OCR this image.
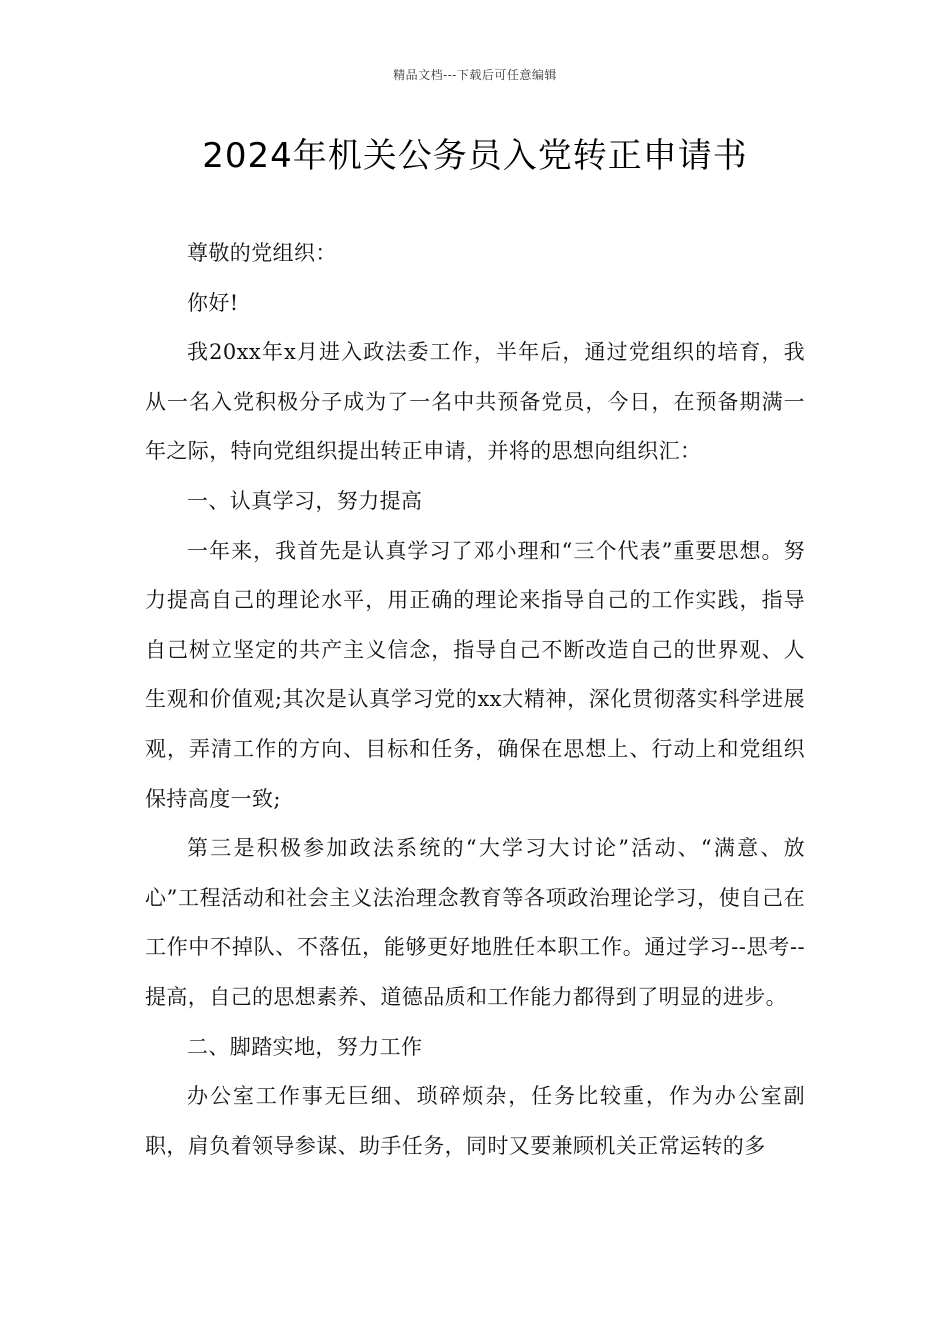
精品文档---下载后可任意编辑
2024年机关公务员入党转正申请书

尊敬的党组织：

你好!

我20xx年x月进入政法委工作，半年后，通过党组织的培育，我从一名入党积极分子成为了一名中共预备党员，今日，在预备期满一年之际，特向党组织提出转正申请，并将的思想向组织汇：

一、认真学习，努力提高

一年来，我首先是认真学习了邓小理和“三个代表”重要思想。努力提高自己的理论水平，用正确的理论来指导自己的工作实践，指导自己树立坚定的共产主义信念，指导自己不断改造自己的世界观、人生观和价值观;其次是认真学习党的xx大精神，深化贯彻落实科学进展观，弄清工作的方向、目标和任务，确保在思想上、行动上和党组织保持高度一致;

第三是积极参加政法系统的“大学习大讨论”活动、“满意、放心”工程活动和社会主义法治理念教育等各项政治理论学习，使自己在工作中不掉队、不落伍，能够更好地胜任本职工作。通过学习--思考--提高，自己的思想素养、道德品质和工作能力都得到了明显的进步。

二、脚踏实地，努力工作

办公室工作事无巨细、琐碎烦杂，任务比较重，作为办公室副职，肩负着领导参谋、助手任务，同时又要兼顾机关正常运转的多
